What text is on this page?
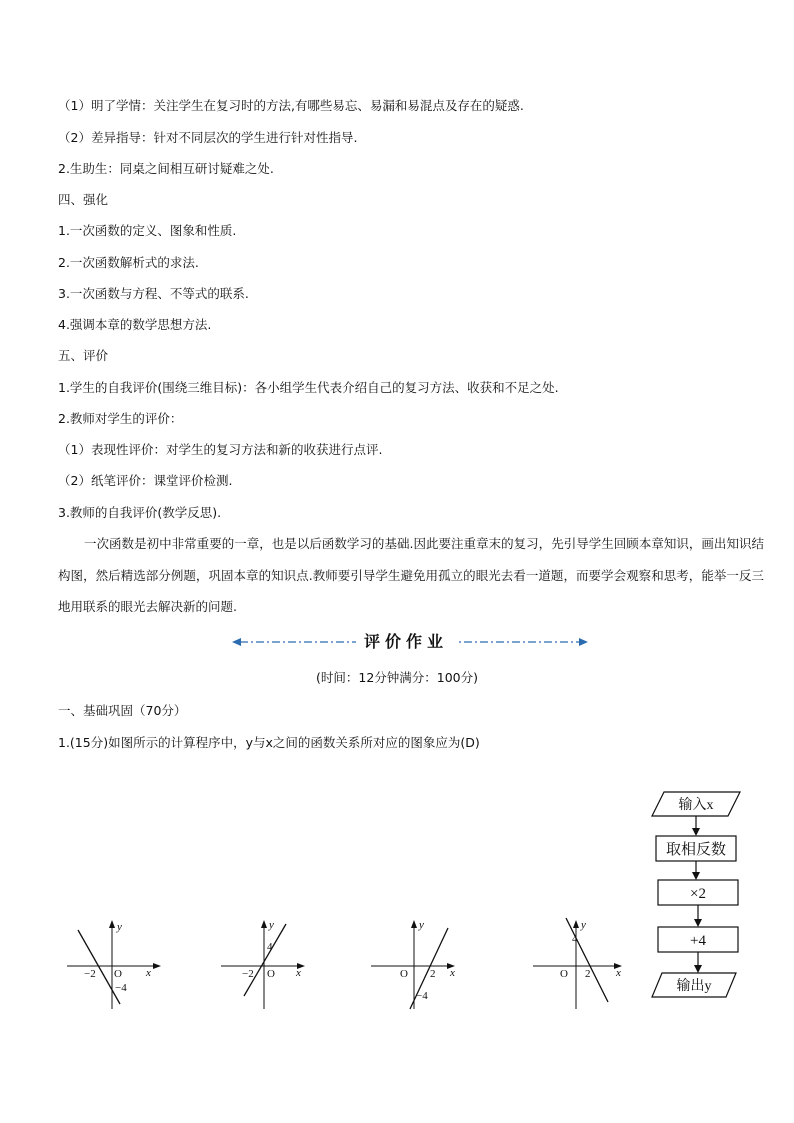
（1）明了学情：关注学生在复习时的方法,有哪些易忘、易漏和易混点及存在的疑惑.
（2）差异指导：针对不同层次的学生进行针对性指导.
2.生助生：同桌之间相互研讨疑难之处.
四、强化
1.一次函数的定义、图象和性质.
2.一次函数解析式的求法.
3.一次函数与方程、不等式的联系.
4.强调本章的数学思想方法.
五、评价
1.学生的自我评价(围绕三维目标)：各小组学生代表介绍自己的复习方法、收获和不足之处.
2.教师对学生的评价：
（1）表现性评价：对学生的复习方法和新的收获进行点评.
（2）纸笔评价：课堂评价检测.
3.教师的自我评价(教学反思).
一次函数是初中非常重要的一章，也是以后函数学习的基础.因此要注重章末的复习，先引导学生回顾本章知识，画出知识结构图，然后精选部分例题，巩固本章的知识点.教师要引导学生避免用孤立的眼光去看一道题，而要学会观察和思考，能举一反三地用联系的眼光去解决新的问题.
评价作业
(时间：12分钟满分：100分)
一、基础巩固（70分）
1.(15分)如图所示的计算程序中，y与x之间的函数关系所对应的图象应为(D)
y
x
O
−2
−4
y
x
O
4
−2
y
x
O 2
−4
y
x
O
4
2
输入x
取相反数
×2
+4
输出y
